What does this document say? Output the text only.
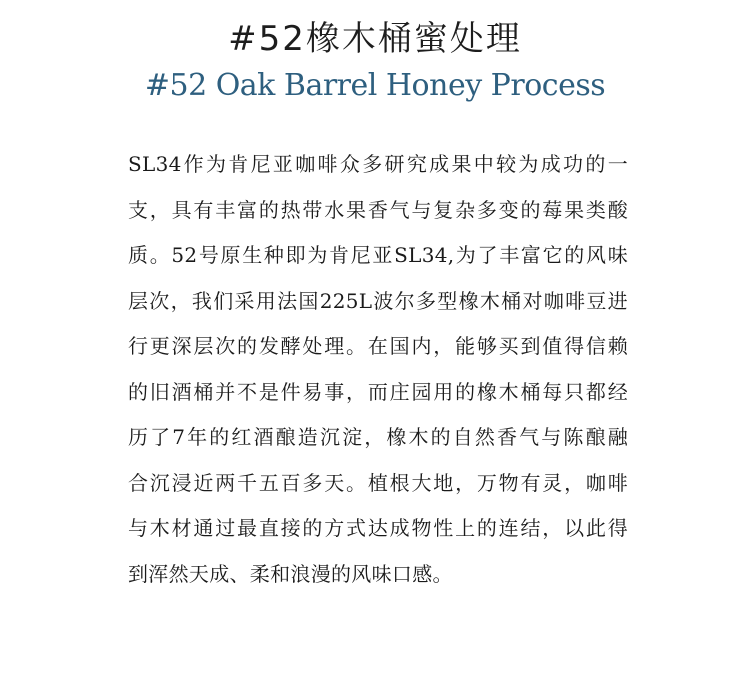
#52橡木桶蜜处理
#52 Oak Barrel Honey Process
SL34作为肯尼亚咖啡众多研究成果中较为成功的一
支，具有丰富的热带水果香气与复杂多变的莓果类酸
质。52号原生种即为肯尼亚SL34,为了丰富它的风味
层次，我们采用法国225L波尔多型橡木桶对咖啡豆进
行更深层次的发酵处理。在国内，能够买到值得信赖
的旧酒桶并不是件易事，而庄园用的橡木桶每只都经
历了7年的红酒酿造沉淀，橡木的自然香气与陈酿融
合沉浸近两千五百多天。植根大地，万物有灵，咖啡
与木材通过最直接的方式达成物性上的连结，以此得
到浑然天成、柔和浪漫的风味口感。
